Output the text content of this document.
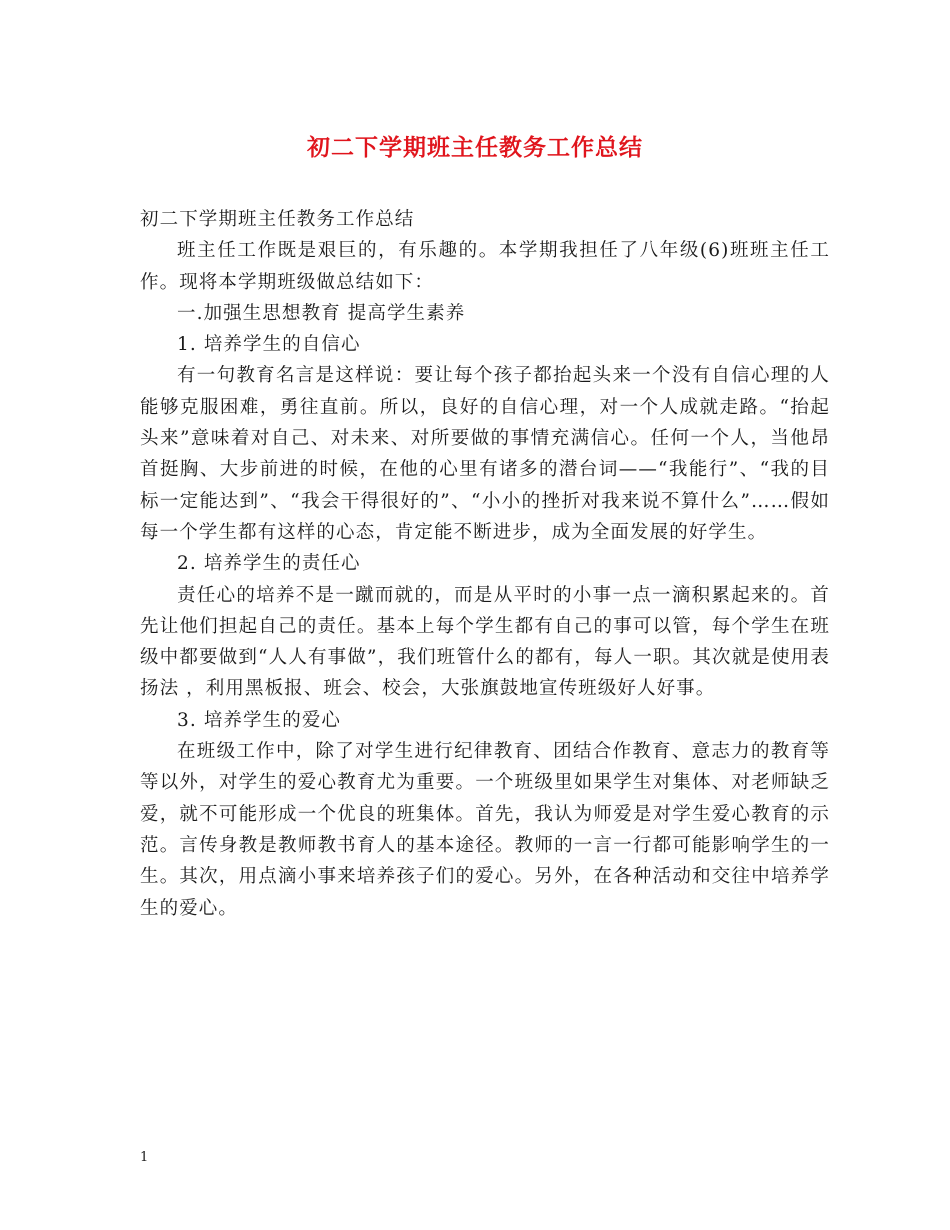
初二下学期班主任教务工作总结

初二下学期班主任教务工作总结

班主任工作既是艰巨的，有乐趣的。本学期我担任了八年级(6)班班主任工作。现将本学期班级做总结如下：

一.加强生思想教育 提高学生素养

1. 培养学生的自信心

有一句教育名言是这样说：要让每个孩子都抬起头来一个没有自信心理的人能够克服困难，勇往直前。所以，良好的自信心理，对一个人成就走路。“抬起头来”意味着对自己、对未来、对所要做的事情充满信心。任何一个人，当他昂首挺胸、大步前进的时候，在他的心里有诸多的潜台词——“我能行”、“我的目标一定能达到”、“我会干得很好的”、“小小的挫折对我来说不算什么”……假如每一个学生都有这样的心态，肯定能不断进步，成为全面发展的好学生。

2. 培养学生的责任心

责任心的培养不是一蹴而就的，而是从平时的小事一点一滴积累起来的。首先让他们担起自己的责任。基本上每个学生都有自己的事可以管，每个学生在班级中都要做到“人人有事做”，我们班管什么的都有，每人一职。其次就是使用表扬法 ，利用黑板报、班会、校会，大张旗鼓地宣传班级好人好事。

3. 培养学生的爱心

在班级工作中，除了对学生进行纪律教育、团结合作教育、意志力的教育等等以外，对学生的爱心教育尤为重要。一个班级里如果学生对集体、对老师缺乏爱，就不可能形成一个优良的班集体。首先，我认为师爱是对学生爱心教育的示范。言传身教是教师教书育人的基本途径。教师的一言一行都可能影响学生的一生。其次，用点滴小事来培养孩子们的爱心。另外，在各种活动和交往中培养学生的爱心。

1
